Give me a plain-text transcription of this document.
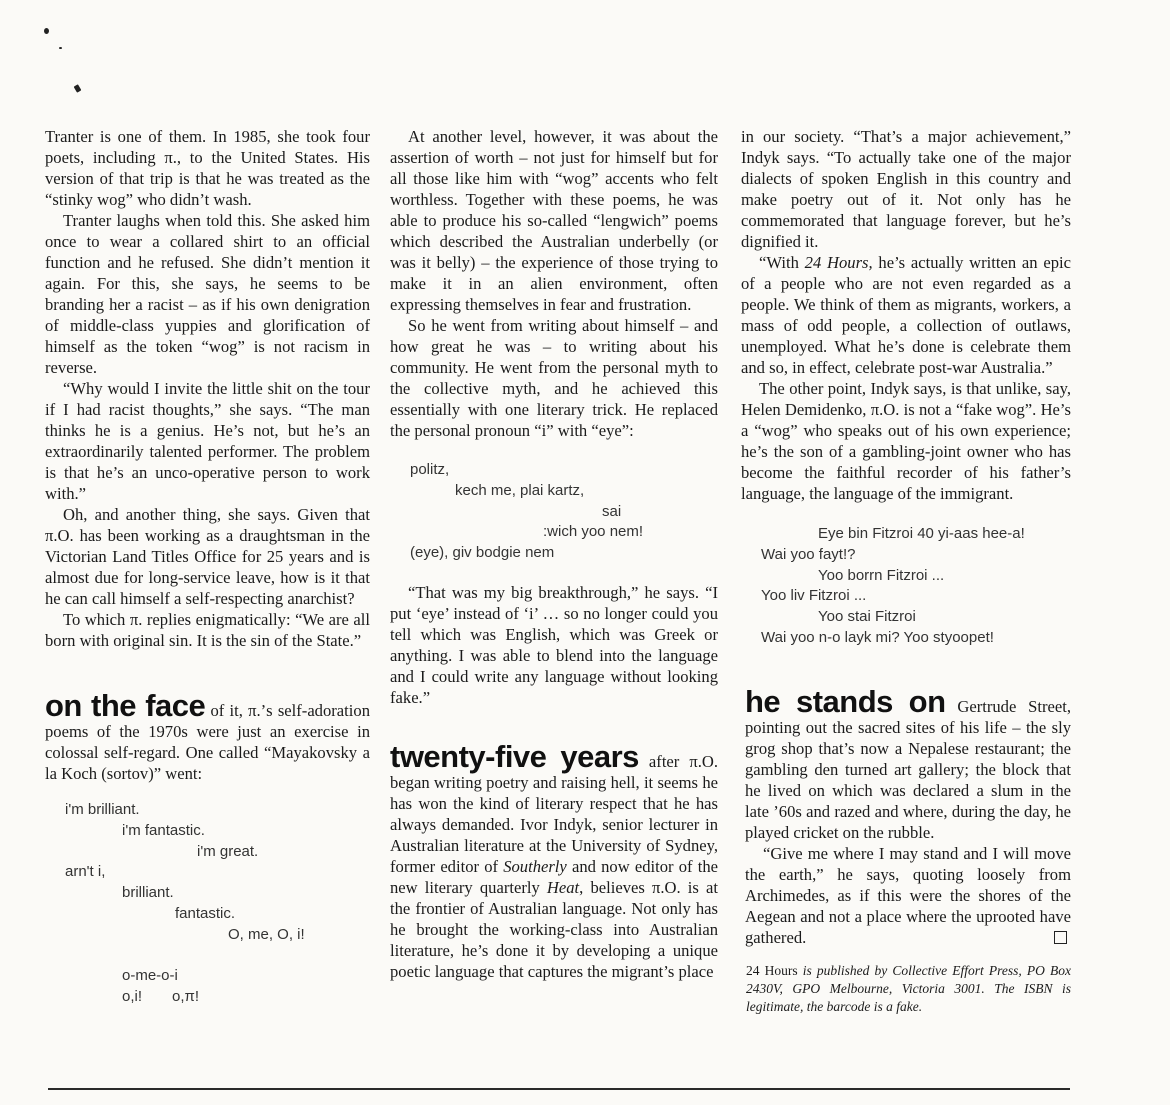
Tranter is one of them. In 1985, she took four poets, including π., to the United States. His version of that trip is that he was treated as the “stinky wog” who didn’t wash.

Tranter laughs when told this. She asked him once to wear a collared shirt to an official function and he refused. She didn’t mention it again. For this, she says, he seems to be branding her a racist – as if his own denigration of middle-class yuppies and glorification of himself as the token “wog” is not racism in reverse.

“Why would I invite the little shit on the tour if I had racist thoughts,” she says. “The man thinks he is a genius. He’s not, but he’s an extraordinarily talented performer. The problem is that he’s an unco-operative person to work with.”

Oh, and another thing, she says. Given that π.O. has been working as a draughtsman in the Victorian Land Titles Office for 25 years and is almost due for long-service leave, how is it that he can call himself a self-respecting anarchist?

To which π. replies enigmatically: “We are all born with original sin. It is the sin of the State.”

on the face of it, π.’s self-adoration poems of the 1970s were just an exercise in colossal self-regard. One called “Mayakovsky a la Koch (sortov)” went:

i'm brilliant.
i'm fantastic.
i'm great.
arn't i,
brilliant.
fantastic.
O, me, O, i!
o-me-o-i
o,i! o,π!

At another level, however, it was about the assertion of worth – not just for himself but for all those like him with “wog” accents who felt worthless. Together with these poems, he was able to produce his so-called “lengwich” poems which described the Australian underbelly (or was it belly) – the experience of those trying to make it in an alien environment, often expressing themselves in fear and frustration.

So he went from writing about himself – and how great he was – to writing about his community. He went from the personal myth to the collective myth, and he achieved this essentially with one literary trick. He replaced the personal pronoun “i” with “eye”:

politz,
kech me, plai kartz,
sai
:wich yoo nem!
(eye), giv bodgie nem

“That was my big breakthrough,” he says. “I put ‘eye’ instead of ‘i’ … so no longer could you tell which was English, which was Greek or anything. I was able to blend into the language and I could write any language without looking fake.”

twenty-five years after π.O. began writing poetry and raising hell, it seems he has won the kind of literary respect that he has always demanded. Ivor Indyk, senior lecturer in Australian literature at the University of Sydney, former editor of Southerly and now editor of the new literary quarterly Heat, believes π.O. is at the frontier of Australian language. Not only has he brought the working-class into Australian literature, he’s done it by developing a unique poetic language that captures the migrant’s place

in our society. “That’s a major achievement,” Indyk says. “To actually take one of the major dialects of spoken English in this country and make poetry out of it. Not only has he commemorated that language forever, but he’s dignified it.

“With 24 Hours, he’s actually written an epic of a people who are not even regarded as a people. We think of them as migrants, workers, a mass of odd people, a collection of outlaws, unemployed. What he’s done is celebrate them and so, in effect, celebrate post-war Australia.”

The other point, Indyk says, is that unlike, say, Helen Demidenko, π.O. is not a “fake wog”. He’s a “wog” who speaks out of his own experience; he’s the son of a gambling-joint owner who has become the faithful recorder of his father’s language, the language of the immigrant.

Eye bin Fitzroi 40 yi-aas hee-a!
Wai yoo fayt!?
Yoo borrn Fitzroi ...
Yoo liv Fitzroi ...
Yoo stai Fitzroi
Wai yoo n-o layk mi? Yoo styoopet!

he stands on Gertrude Street, pointing out the sacred sites of his life – the sly grog shop that’s now a Nepalese restaurant; the gambling den turned art gallery; the block that he lived on which was declared a slum in the late ’60s and razed and where, during the day, he played cricket on the rubble.

“Give me where I may stand and I will move the earth,” he says, quoting loosely from Archimedes, as if this were the shores of the Aegean and not a place where the uprooted have gathered.

24 Hours is published by Collective Effort Press, PO Box 2430V, GPO Melbourne, Victoria 3001. The ISBN is legitimate, the barcode is a fake.
